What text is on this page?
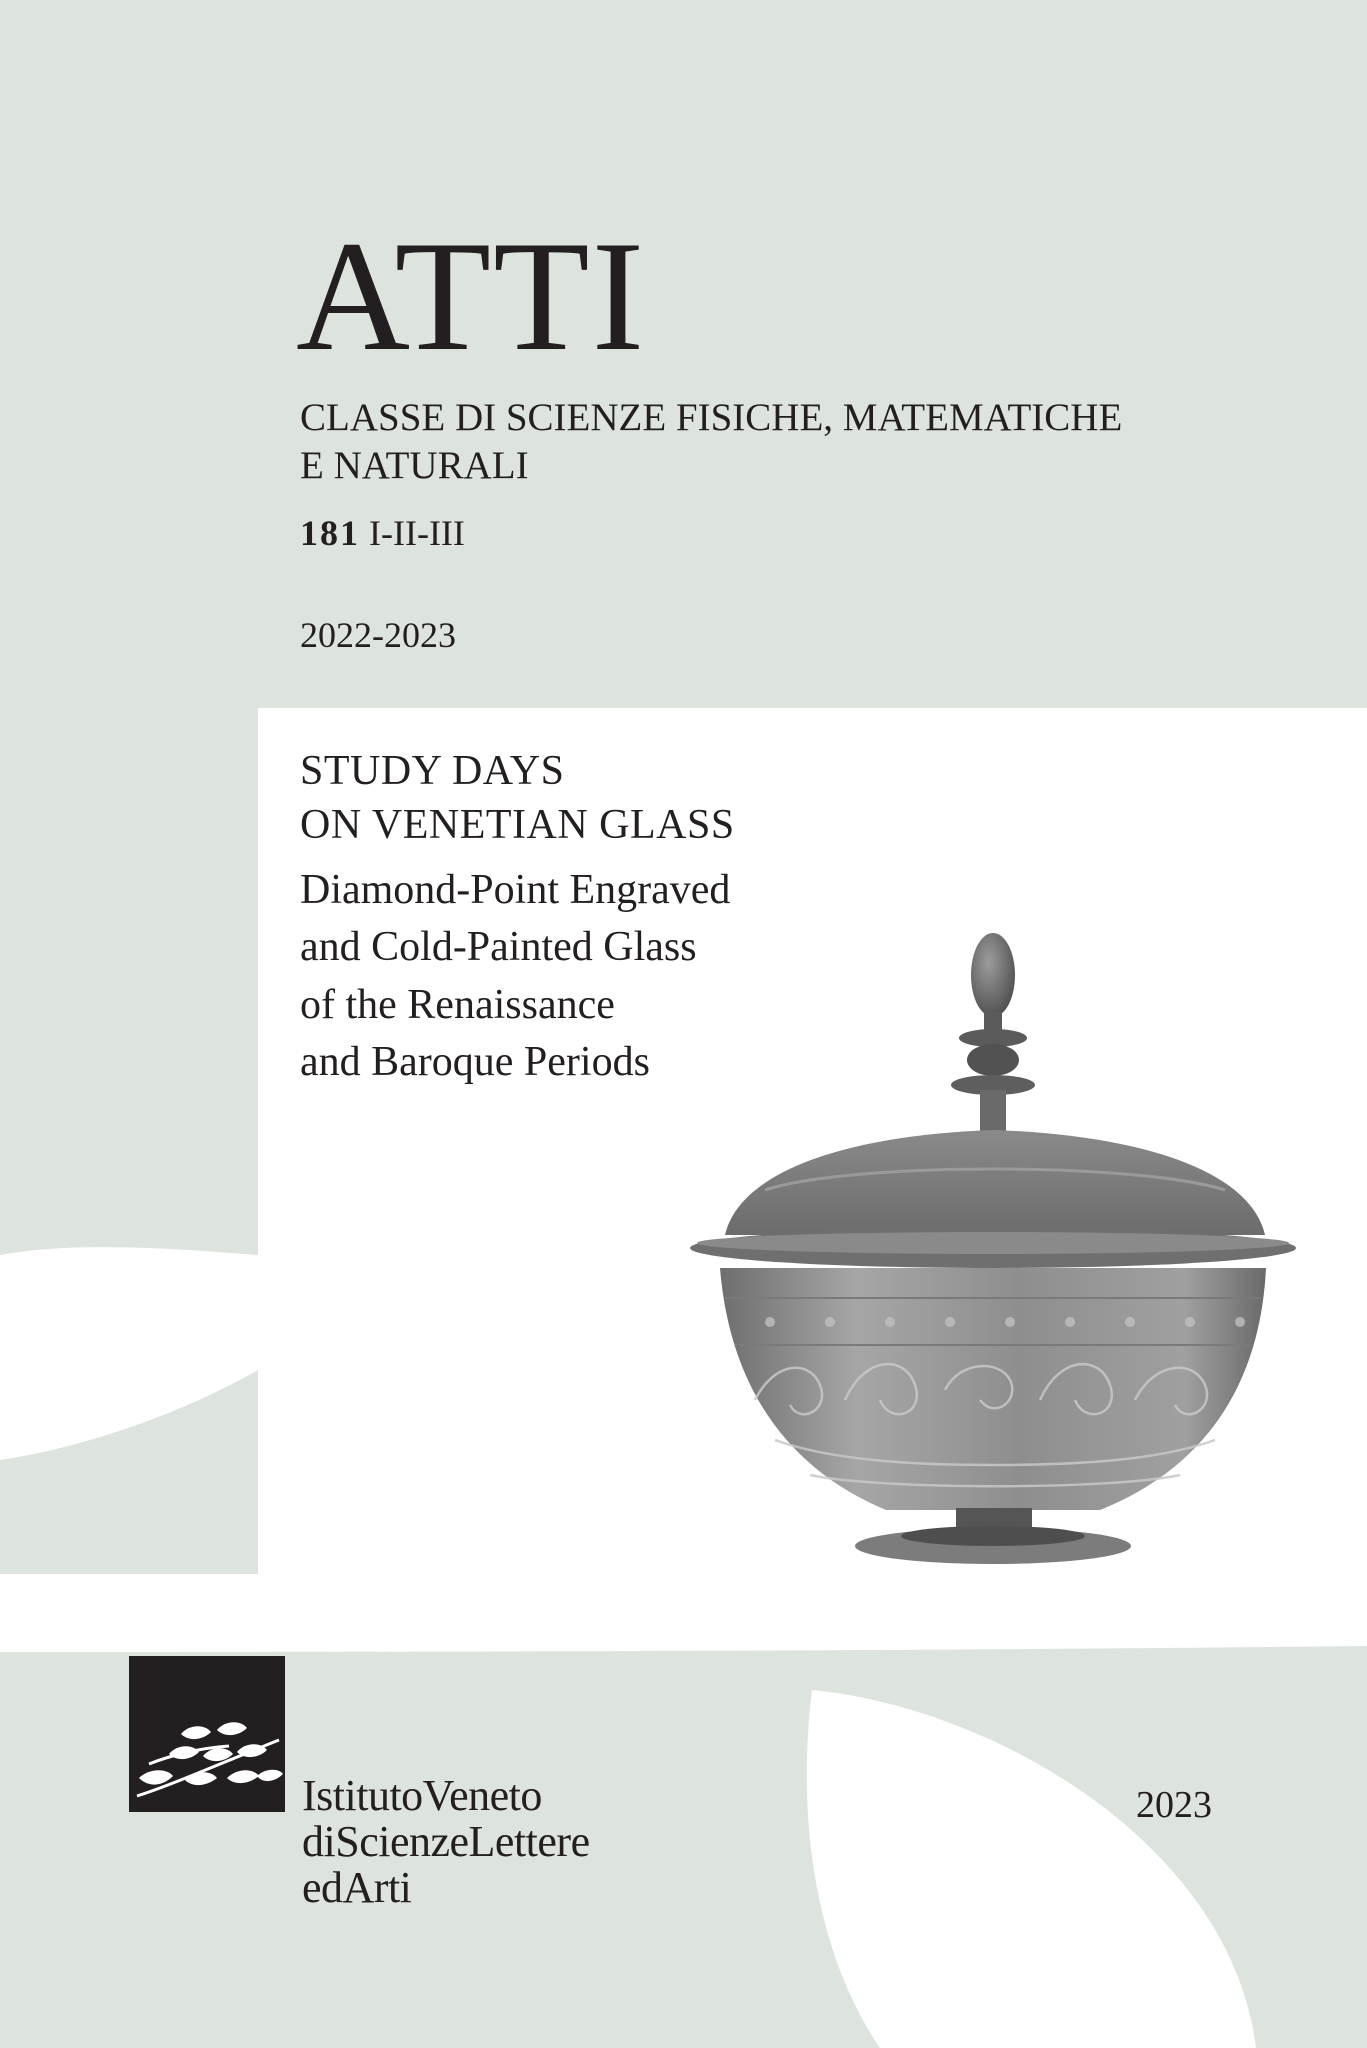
ATTI

CLASSE DI SCIENZE FISICHE, MATEMATICHE

E NATURALI

181 I-II-III

2022-2023

STUDY DAYS

ON VENETIAN GLASS

Diamond-Point Engraved

and Cold-Painted Glass

of the Renaissance

and Baroque Periods

IstitutoVeneto

diScienzeLettere

edArti

2023
